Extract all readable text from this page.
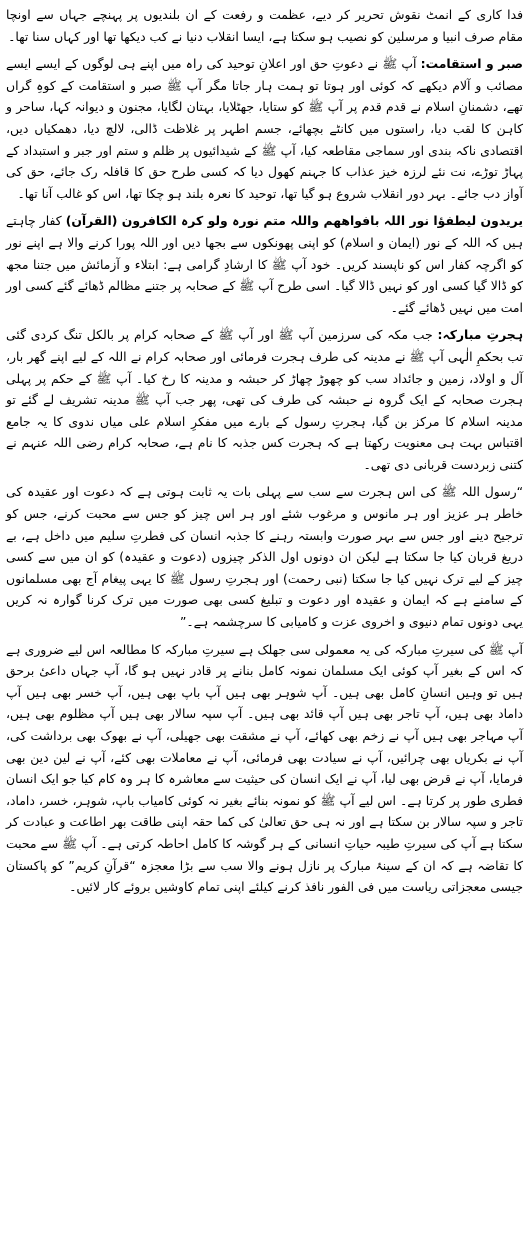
فدا کاری کے انمٹ نقوش تحریر کر دیے، عظمت و رفعت کے ان بلندیوں پر پہنچے جہاں سے اونچا مقام صرف انبیا و مرسلین کو نصیب ہو سکتا ہے، ایسا انقلاب دنیا نے کب دیکھا تھا اور کہاں سنا تھا۔

صبر و استقامت: آپ ﷺ نے دعوتِ حق اور اعلانِ توحید کی راہ میں اپنے ہی لوگوں کے ایسے ایسے مصائب و آلام دیکھے کہ کوئی اور ہوتا تو ہمت ہار جاتا مگر آپ ﷺ صبر و استقامت کے کوہِ گراں تھے، دشمنانِ اسلام نے قدم قدم پر آپ ﷺ کو ستایا، جھٹلایا، بہتان لگایا، مجنون و دیوانہ کہا، ساحر و کاہن کا لقب دیا، راستوں میں کانٹے بچھائے، جسم اطہر پر غلاظت ڈالی، لالچ دیا، دھمکیاں دیں، اقتصادی ناکہ بندی اور سماجی مقاطعہ کیا، آپ ﷺ کے شیدائیوں پر ظلم و ستم اور جبر و استبداد کے پہاڑ توڑے، نت نئے لرزہ خیز عذاب کا جہنم کھول دیا کہ کسی طرح حق کا قافلہ رک جائے، حق کی آواز دب جائے۔ بہر دور انقلاب شروع ہو گیا تھا، توحید کا نعرہ بلند ہو چکا تھا، اس کو غالب آنا تھا۔

یریدون لیطفؤا نور اللہ بافواھھم واللہ متم نورہ ولو کرہ الکافرون (القرآن) کفار چاہتے ہیں کہ اللہ کے نور (ایمان و اسلام) کو اپنی پھونکوں سے بجھا دیں اور اللہ پورا کرنے والا ہے اپنے نور کو اگرچہ کفار اس کو ناپسند کریں۔ خود آپ ﷺ کا ارشادِ گرامی ہے: ابتلاء و آزمائش میں جتنا مجھ کو ڈالا گیا کسی اور کو نہیں ڈالا گیا۔ اسی طرح آپ ﷺ کے صحابہ پر جتنے مظالم ڈھائے گئے کسی اور امت میں نہیں ڈھائے گئے۔

ہجرتِ مبارکہ: جب مکہ کی سرزمین آپ ﷺ اور آپ ﷺ کے صحابہ کرام پر بالکل تنگ کردی گئی تب بحکمِ الٰہی آپ ﷺ نے مدینہ کی طرف ہجرت فرمائی اور صحابہ کرام نے اللہ کے لیے اپنے گھر بار، آل و اولاد، زمین و جائداد سب کو چھوڑ چھاڑ کر حبشہ و مدینہ کا رخ کیا۔ آپ ﷺ کے حکم پر پہلی ہجرت صحابہ کے ایک گروہ نے حبشہ کی طرف کی تھی، پھر جب آپ ﷺ مدینہ تشریف لے گئے تو مدینہ اسلام کا مرکز بن گیا، ہجرتِ رسول کے بارے میں مفکرِ اسلام علی میاں ندوی کا یہ جامع اقتباس بہت ہی معنویت رکھتا ہے کہ ہجرت کس جذبہ کا نام ہے، صحابہ کرام رضی اللہ عنہم نے کتنی زبردست قربانی دی تھی۔

“رسول اللہ ﷺ کی اس ہجرت سے سب سے پہلی بات یہ ثابت ہوتی ہے کہ دعوت اور عقیدہ کی خاطر ہر عزیز اور ہر مانوس و مرغوب شئے اور ہر اس چیز کو جس سے محبت کرنے، جس کو ترجیح دینے اور جس سے بہر صورت وابستہ رہنے کا جذبہ انسان کی فطرتِ سلیم میں داخل ہے، بے دریغ قربان کیا جا سکتا ہے لیکن ان دونوں اول الذکر چیزوں (دعوت و عقیدہ) کو ان میں سے کسی چیز کے لیے ترک نہیں کیا جا سکتا (نبی رحمت) اور ہجرتِ رسول ﷺ کا یہی پیغام آج بھی مسلمانوں کے سامنے ہے کہ ایمان و عقیدہ اور دعوت و تبلیغ کسی بھی صورت میں ترک کرنا گوارہ نہ کریں یہی دونوں تمام دنیوی و اخروی عزت و کامیابی کا سرچشمہ ہے۔”

آپ ﷺ کی سیرتِ مبارکہ کی یہ معمولی سی جھلک ہے سیرتِ مبارکہ کا مطالعہ اس لیے ضروری ہے کہ اس کے بغیر آپ کوئی ایک مسلمان نمونہ کامل بنانے پر قادر نہیں ہو گا، آپ جہاں داعیٔ برحق ہیں تو وہیں انسانِ کامل بھی ہیں۔ آپ شوہر بھی ہیں آپ باپ بھی ہیں، آپ خسر بھی ہیں آپ داماد بھی ہیں، آپ تاجر بھی ہیں آپ قائد بھی ہیں۔ آپ سپہ سالار بھی ہیں آپ مظلوم بھی ہیں، آپ مہاجر بھی ہیں آپ نے زخم بھی کھائے، آپ نے مشقت بھی جھیلی، آپ نے بھوک بھی برداشت کی، آپ نے بکریاں بھی چرائیں، آپ نے سیادت بھی فرمائی، آپ نے معاملات بھی کئے، آپ نے لین دین بھی فرمایا، آپ نے قرض بھی لیا، آپ نے ایک انسان کی حیثیت سے معاشرہ کا ہر وہ کام کیا جو ایک انسان فطری طور پر کرتا ہے۔ اس لیے آپ ﷺ کو نمونہ بنائے بغیر نہ کوئی کامیاب باپ، شوہر، خسر، داماد، تاجر و سپہ سالار بن سکتا ہے اور نہ ہی حق تعالیٰ کی کما حقہ اپنی طاقت بھر اطاعت و عبادت کر سکتا ہے آپ کی سیرتِ طیبہ حیاتِ انسانی کے ہر گوشہ کا کامل احاطہ کرتی ہے۔ آپ ﷺ سے محبت کا تقاضہ ہے کہ ان کے سینۂ مبارک پر نازل ہونے والا سب سے بڑا معجزہ “قرآنِ کریم” کو پاکستان جیسی معجزاتی ریاست میں فی الفور نافذ کرنے کیلئے اپنی تمام کاوشیں بروئے کار لائیں۔
